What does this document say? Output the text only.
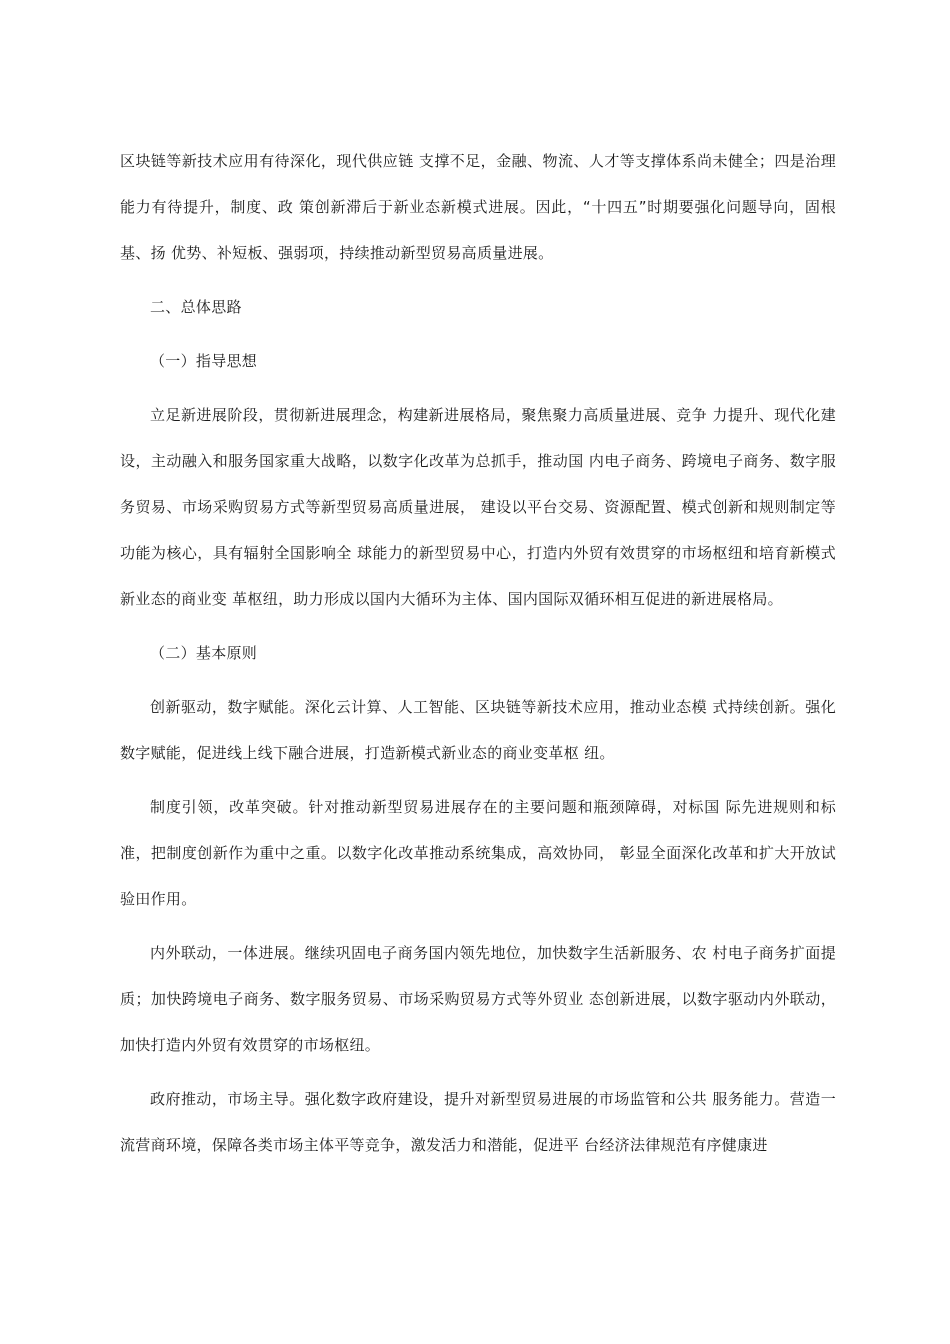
区块链等新技术应用有待深化，现代供应链 支撑不足，金融、物流、人才等支撑体系尚未健全；四是治理能力有待提升，制度、政 策创新滞后于新业态新模式进展。因此，“十四五”时期要强化问题导向，固根基、扬 优势、补短板、强弱项，持续推动新型贸易高质量进展。

二、总体思路

（一）指导思想

立足新进展阶段，贯彻新进展理念，构建新进展格局，聚焦聚力高质量进展、竞争 力提升、现代化建设，主动融入和服务国家重大战略，以数字化改革为总抓手，推动国 内电子商务、跨境电子商务、数字服务贸易、市场采购贸易方式等新型贸易高质量进展， 建设以平台交易、资源配置、模式创新和规则制定等功能为核心，具有辐射全国影响全 球能力的新型贸易中心，打造内外贸有效贯穿的市场枢纽和培育新模式新业态的商业变 革枢纽，助力形成以国内大循环为主体、国内国际双循环相互促进的新进展格局。

（二）基本原则

创新驱动，数字赋能。深化云计算、人工智能、区块链等新技术应用，推动业态模 式持续创新。强化数字赋能，促进线上线下融合进展，打造新模式新业态的商业变革枢 纽。

制度引领，改革突破。针对推动新型贸易进展存在的主要问题和瓶颈障碍，对标国 际先进规则和标准，把制度创新作为重中之重。以数字化改革推动系统集成，高效协同， 彰显全面深化改革和扩大开放试验田作用。

内外联动，一体进展。继续巩固电子商务国内领先地位，加快数字生活新服务、农 村电子商务扩面提质；加快跨境电子商务、数字服务贸易、市场采购贸易方式等外贸业 态创新进展，以数字驱动内外联动，加快打造内外贸有效贯穿的市场枢纽。

政府推动，市场主导。强化数字政府建设，提升对新型贸易进展的市场监管和公共 服务能力。营造一流营商环境，保障各类市场主体平等竞争，激发活力和潜能，促进平 台经济法律规范有序健康进
